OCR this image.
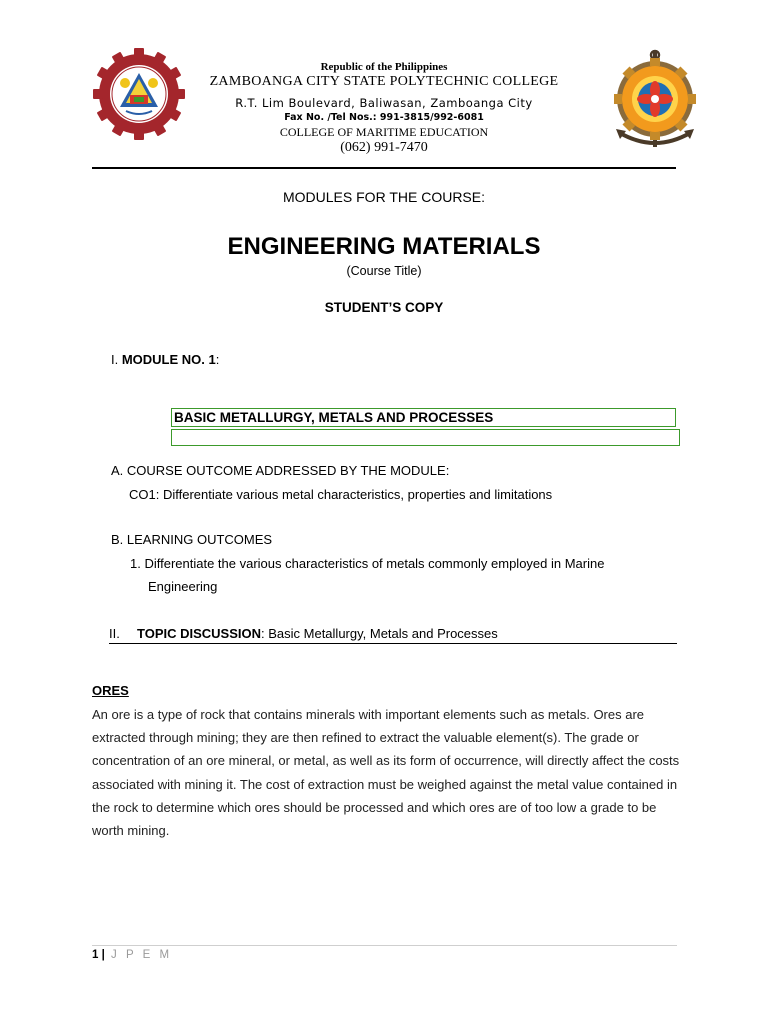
Republic of the Philippines
ZAMBOANGA CITY STATE POLYTECHNIC COLLEGE
R.T. Lim Boulevard, Baliwasan, Zamboanga City
Fax No. /Tel Nos.: 991-3815/992-6081
COLLEGE OF MARITIME EDUCATION
(062) 991-7470
MODULES FOR THE COURSE:
ENGINEERING MATERIALS
(Course Title)
STUDENT’S COPY
I. MODULE NO. 1:
BASIC METALLURGY, METALS AND PROCESSES
A. COURSE OUTCOME ADDRESSED BY THE MODULE:
CO1: Differentiate various metal characteristics, properties and limitations
B. LEARNING OUTCOMES
1. Differentiate the various characteristics of metals commonly employed in Marine
Engineering
II. TOPIC DISCUSSION: Basic Metallurgy, Metals and Processes
ORES
An ore is a type of rock that contains minerals with important elements such as metals. Ores are extracted through mining; they are then refined to extract the valuable element(s). The grade or concentration of an ore mineral, or metal, as well as its form of occurrence, will directly affect the costs associated with mining it. The cost of extraction must be weighed against the metal value contained in the rock to determine which ores should be processed and which ores are of too low a grade to be worth mining.
1 | J P E M
